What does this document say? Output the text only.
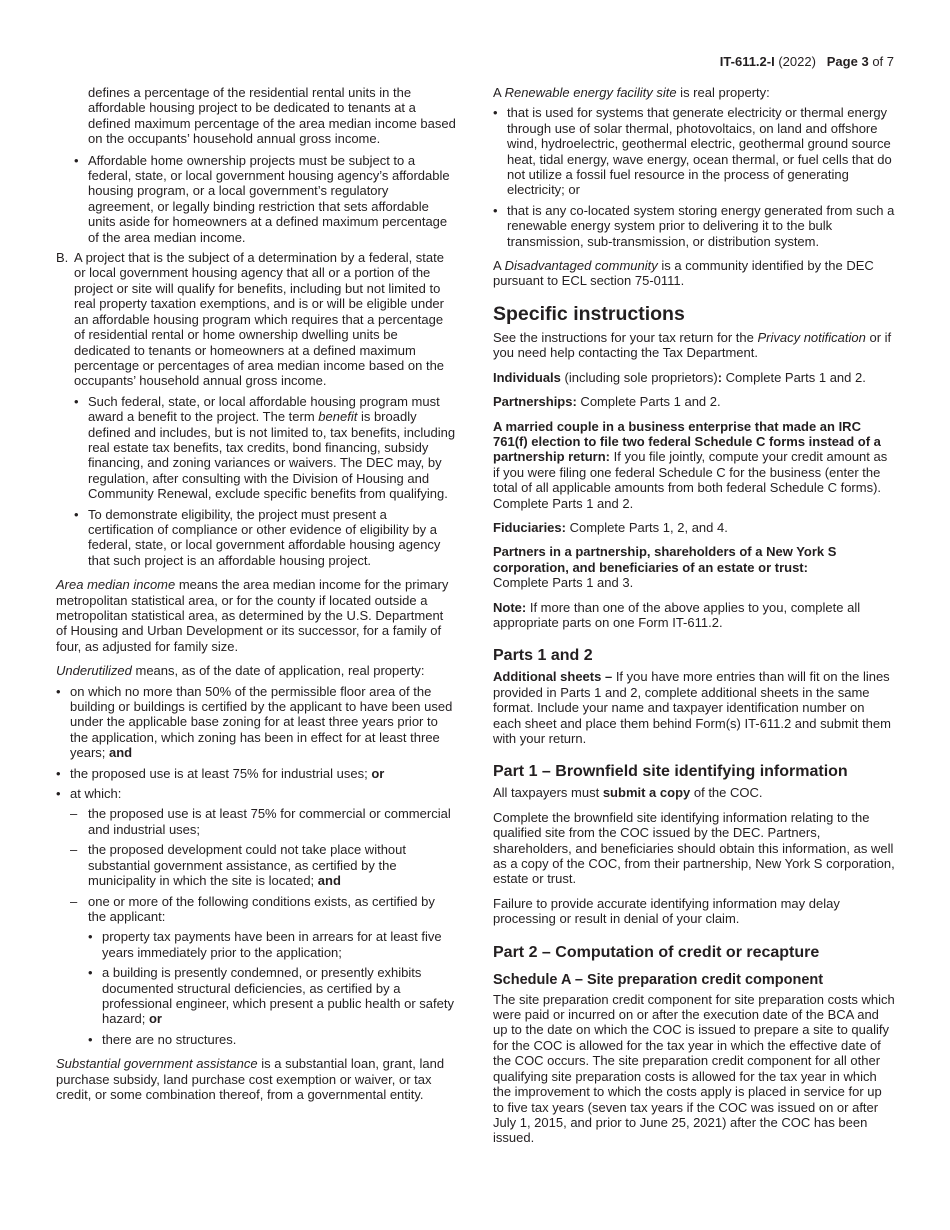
IT-611.2-I (2022) Page 3 of 7

defines a percentage of the residential rental units in the affordable housing project to be dedicated to tenants at a defined maximum percentage of the area median income based on the occupants’ household annual gross income.

• Affordable home ownership projects must be subject to a federal, state, or local government housing agency’s affordable housing program, or a local government’s regulatory agreement, or legally binding restriction that sets affordable units aside for homeowners at a defined maximum percentage of the area median income.
B. A project that is the subject of a determination by a federal, state or local government housing agency that all or a portion of the project or site will qualify for benefits, including but not limited to real property taxation exemptions, and is or will be eligible under an affordable housing program which requires that a percentage of residential rental or home ownership dwelling units be dedicated to tenants or homeowners at a defined maximum percentage or percentages of area median income based on the occupants’ household annual gross income.
• Such federal, state, or local affordable housing program must award a benefit to the project. The term benefit is broadly defined and includes, but is not limited to, tax benefits, including real estate tax benefits, tax credits, bond financing, subsidy financing, and zoning variances or waivers. The DEC may, by regulation, after consulting with the Division of Housing and Community Renewal, exclude specific benefits from qualifying.
• To demonstrate eligibility, the project must present a certification of compliance or other evidence of eligibility by a federal, state, or local government affordable housing agency that such project is an affordable housing project.

Area median income means the area median income for the primary metropolitan statistical area, or for the county if located outside a metropolitan statistical area, as determined by the U.S. Department of Housing and Urban Development or its successor, for a family of four, as adjusted for family size.

Underutilized means, as of the date of application, real property:

• on which no more than 50% of the permissible floor area of the building or buildings is certified by the applicant to have been used under the applicable base zoning for at least three years prior to the application, which zoning has been in effect for at least three years; and
• the proposed use is at least 75% for industrial uses; or
• at which:
– the proposed use is at least 75% for commercial or commercial and industrial uses;
– the proposed development could not take place without substantial government assistance, as certified by the municipality in which the site is located; and
– one or more of the following conditions exists, as certified by the applicant:
• property tax payments have been in arrears for at least five years immediately prior to the application;
• a building is presently condemned, or presently exhibits documented structural deficiencies, as certified by a professional engineer, which present a public health or safety hazard; or
• there are no structures.

Substantial government assistance is a substantial loan, grant, land purchase subsidy, land purchase cost exemption or waiver, or tax credit, or some combination thereof, from a governmental entity.

A Renewable energy facility site is real property:

• that is used for systems that generate electricity or thermal energy through use of solar thermal, photovoltaics, on land and offshore wind, hydroelectric, geothermal electric, geothermal ground source heat, tidal energy, wave energy, ocean thermal, or fuel cells that do not utilize a fossil fuel resource in the process of generating electricity; or
• that is any co-located system storing energy generated from such a renewable energy system prior to delivering it to the bulk transmission, sub-transmission, or distribution system.

A Disadvantaged community is a community identified by the DEC pursuant to ECL section 75-0111.

Specific instructions

See the instructions for your tax return for the Privacy notification or if you need help contacting the Tax Department.

Individuals (including sole proprietors): Complete Parts 1 and 2.

Partnerships: Complete Parts 1 and 2.

A married couple in a business enterprise that made an IRC 761(f) election to file two federal Schedule C forms instead of a partnership return: If you file jointly, compute your credit amount as if you were filing one federal Schedule C for the business (enter the total of all applicable amounts from both federal Schedule C forms). Complete Parts 1 and 2.

Fiduciaries: Complete Parts 1, 2, and 4.

Partners in a partnership, shareholders of a New York S corporation, and beneficiaries of an estate or trust:
Complete Parts 1 and 3.

Note: If more than one of the above applies to you, complete all appropriate parts on one Form IT-611.2.

Parts 1 and 2

Additional sheets – If you have more entries than will fit on the lines provided in Parts 1 and 2, complete additional sheets in the same format. Include your name and taxpayer identification number on each sheet and place them behind Form(s) IT-611.2 and submit them with your return.

Part 1 – Brownfield site identifying information

All taxpayers must submit a copy of the COC.

Complete the brownfield site identifying information relating to the qualified site from the COC issued by the DEC. Partners, shareholders, and beneficiaries should obtain this information, as well as a copy of the COC, from their partnership, New York S corporation, estate or trust.

Failure to provide accurate identifying information may delay processing or result in denial of your claim.

Part 2 – Computation of credit or recapture
Schedule A – Site preparation credit component

The site preparation credit component for site preparation costs which were paid or incurred on or after the execution date of the BCA and up to the date on which the COC is issued to prepare a site to qualify for the COC is allowed for the tax year in which the effective date of the COC occurs. The site preparation credit component for all other qualifying site preparation costs is allowed for the tax year in which the improvement to which the costs apply is placed in service for up to five tax years (seven tax years if the COC was issued on or after July 1, 2015, and prior to June 25, 2021) after the COC has been issued.
